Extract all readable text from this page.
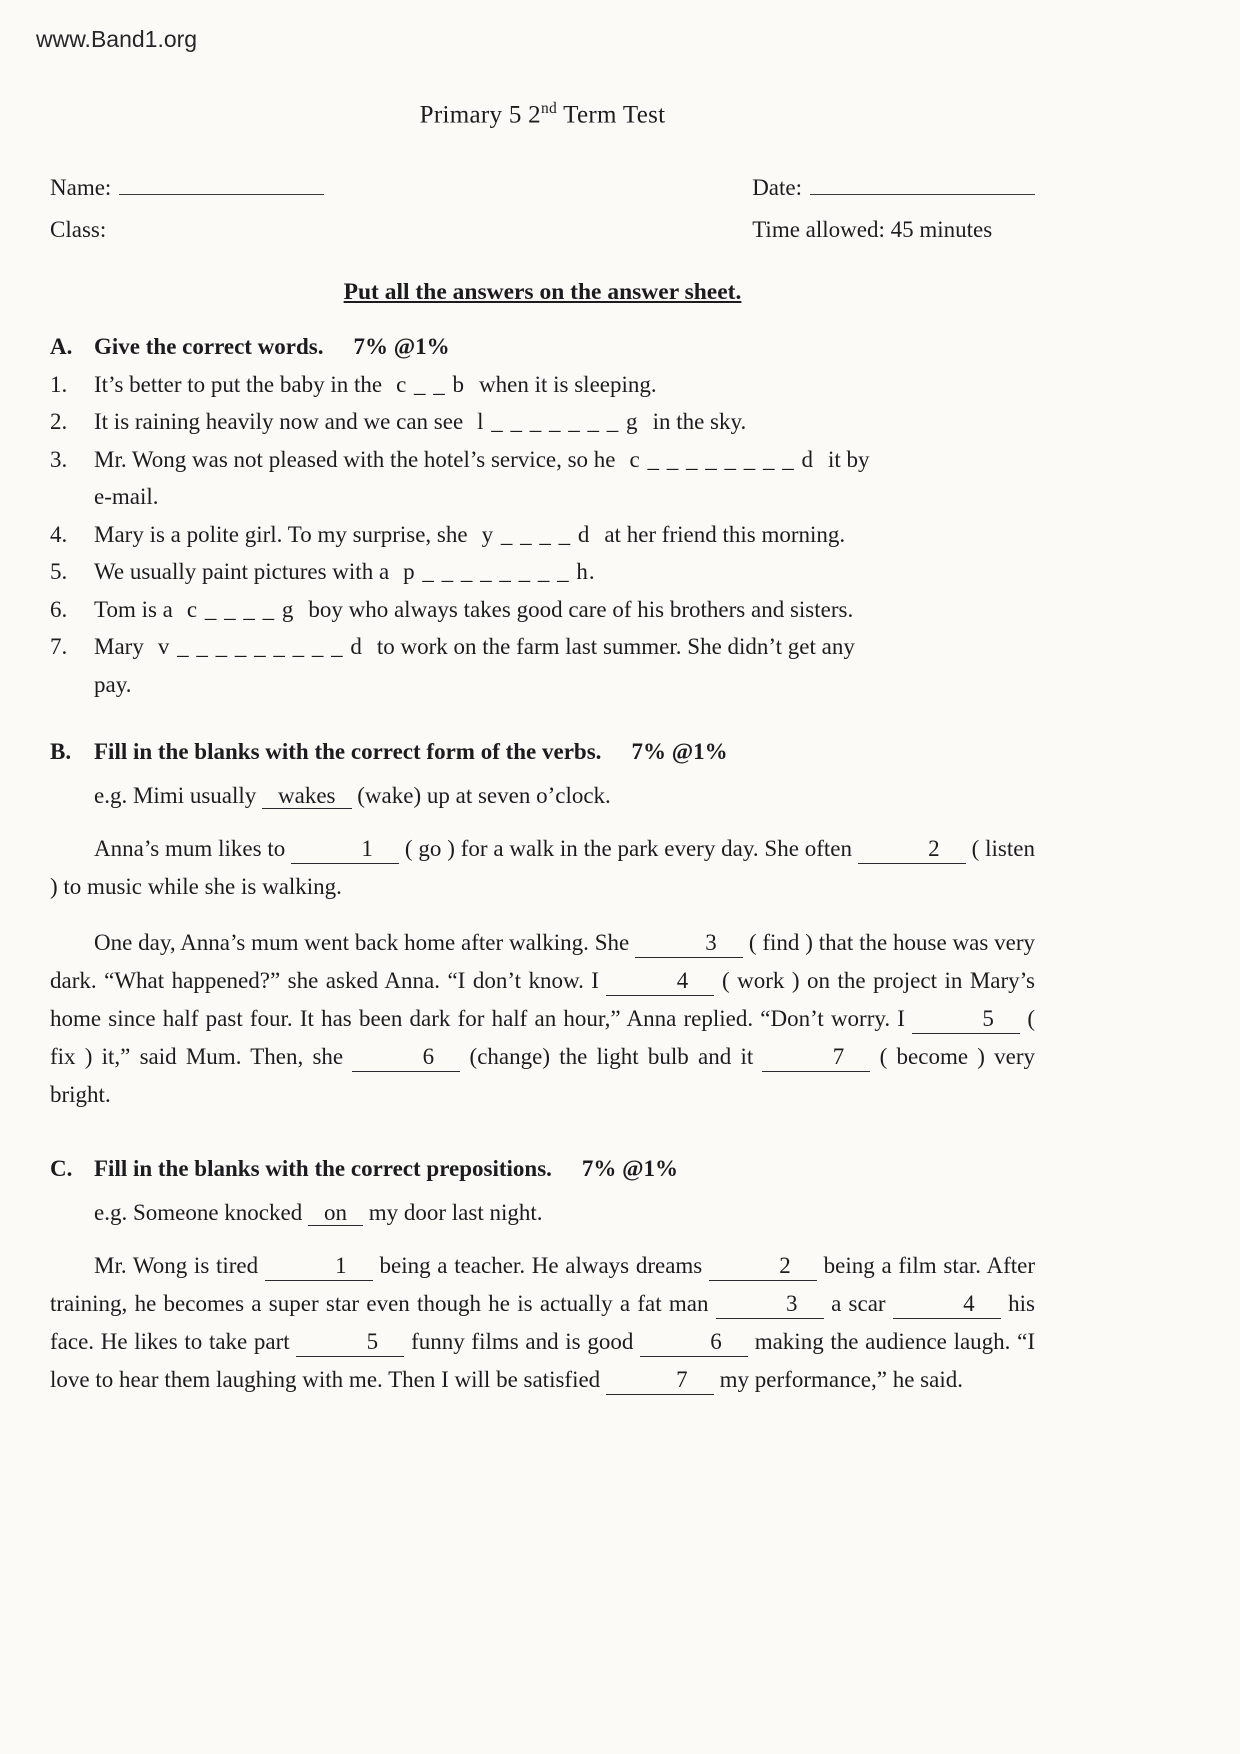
www.Band1.org
Primary 5 2nd Term Test
Name:
Class:
Date:
Time allowed: 45 minutes
Put all the answers on the answer sheet.
A. Give the correct words. 7% @1%
1.	It’s better to put the baby in the c _ _ b when it is sleeping.
2.	It is raining heavily now and we can see l _ _ _ _ _ _ _ g in the sky.
3.	Mr. Wong was not pleased with the hotel’s service, so he c _ _ _ _ _ _ _ _ d it by
e-mail.
4.	Mary is a polite girl. To my surprise, she y _ _ _ _ d at her friend this morning.
5.	We usually paint pictures with a p _ _ _ _ _ _ _ _ h.
6.	Tom is a c _ _ _ _ g boy who always takes good care of his brothers and sisters.
7.	Mary v _ _ _ _ _ _ _ _ _ d to work on the farm last summer. She didn’t get any
pay.
B. Fill in the blanks with the correct form of the verbs. 7% @1%
e.g. Mimi usually wakes (wake) up at seven o’clock.
Anna’s mum likes to	1 ( go ) for a walk in the park every day. She often	2 ( listen ) to music while she is walking.
One day, Anna’s mum went back home after walking. She	3 ( find ) that the house was very dark. “What happened?” she asked Anna. “I don’t know. I	4 ( work ) on the project in Mary’s home since half past four. It has been dark for half an hour,” Anna replied. “Don’t worry. I	5 ( fix ) it,” said Mum. Then, she	6 (change) the light bulb and it	7 ( become ) very bright.
C. Fill in the blanks with the correct prepositions. 7% @1%
e.g. Someone knocked on my door last night.
Mr. Wong is tired	1 being a teacher. He always dreams	2 being a film star. After training, he becomes a super star even though he is actually a fat man	3 a scar	4 his face. He likes to take part	5 funny films and is good	6 making the audience laugh. “I love to hear them laughing with me. Then I will be satisfied	7 my performance,” he said.
